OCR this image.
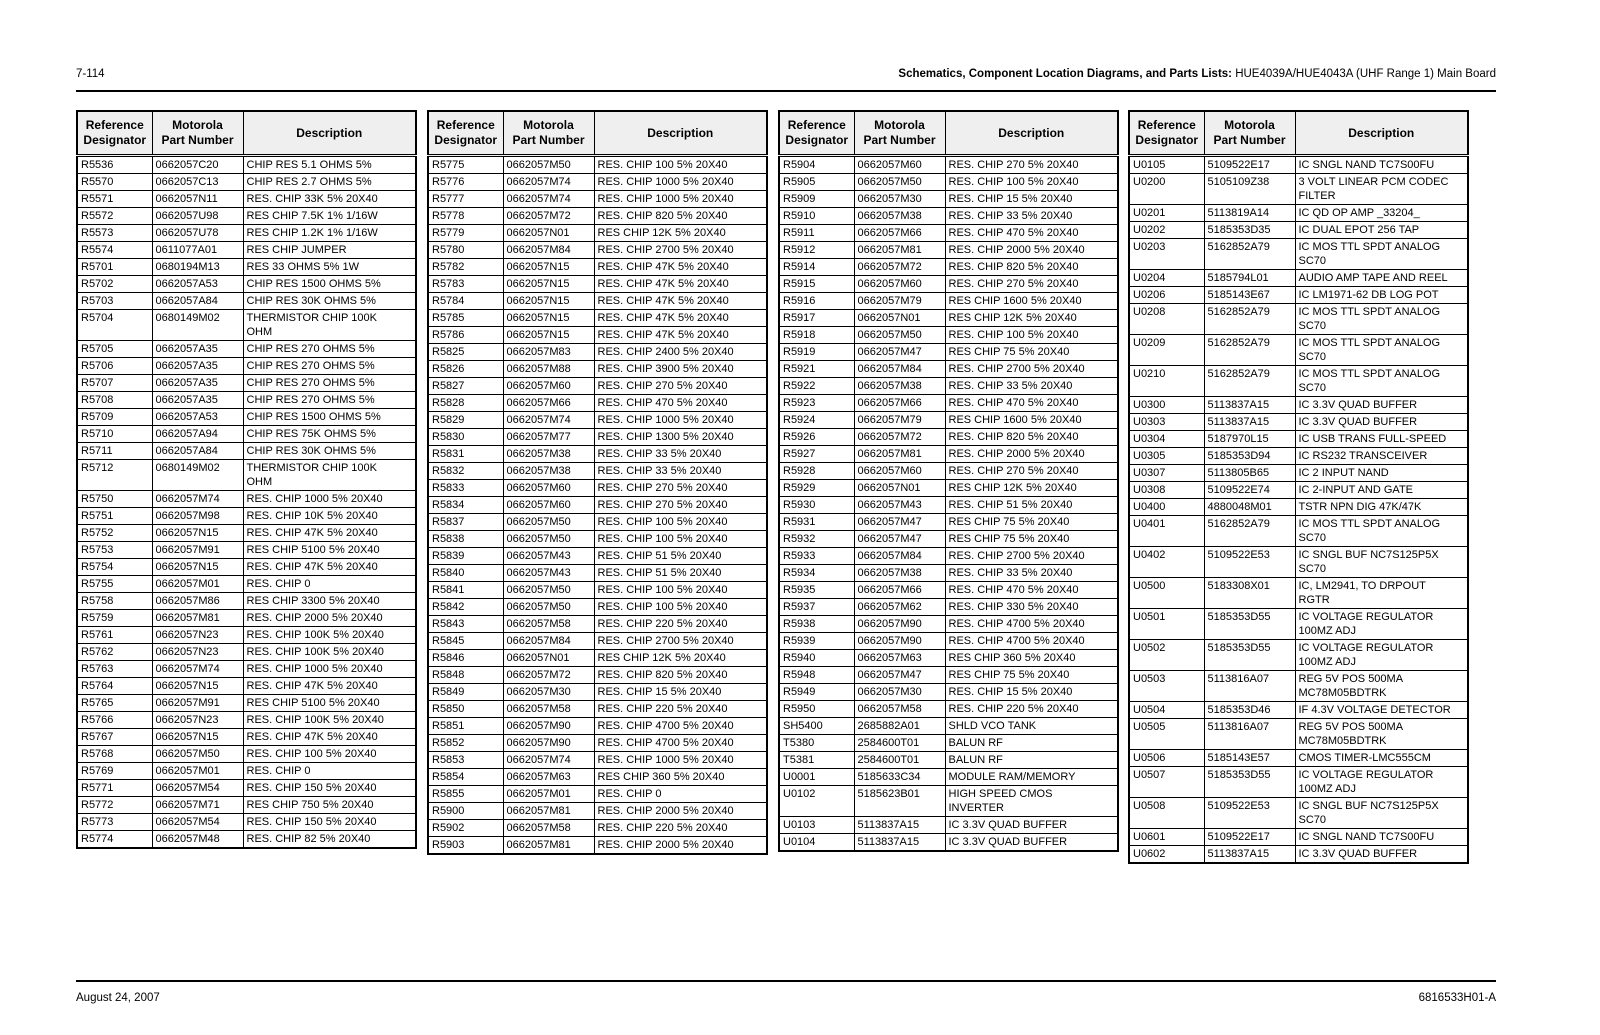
7-114	Schematics, Component Location Diagrams, and Parts Lists: HUE4039A/HUE4043A (UHF Range 1) Main Board
Reference
Designator	Motorola
Part Number	Description
R5536	0662057C20	CHIP RES 5.1 OHMS 5%
R5570	0662057C13	CHIP RES 2.7 OHMS 5%
R5571	0662057N11	RES. CHIP 33K 5% 20X40
R5572	0662057U98	RES CHIP 7.5K 1% 1/16W
R5573	0662057U78	RES CHIP 1.2K 1% 1/16W
R5574	0611077A01	RES CHIP JUMPER
R5701	0680194M13	RES 33 OHMS 5% 1W
R5702	0662057A53	CHIP RES 1500 OHMS 5%
R5703	0662057A84	CHIP RES 30K OHMS 5%
R5704	0680149M02	THERMISTOR CHIP 100K
OHM
R5705	0662057A35	CHIP RES 270 OHMS 5%
R5706	0662057A35	CHIP RES 270 OHMS 5%
R5707	0662057A35	CHIP RES 270 OHMS 5%
R5708	0662057A35	CHIP RES 270 OHMS 5%
R5709	0662057A53	CHIP RES 1500 OHMS 5%
R5710	0662057A94	CHIP RES 75K OHMS 5%
R5711	0662057A84	CHIP RES 30K OHMS 5%
R5712	0680149M02	THERMISTOR CHIP 100K
OHM
R5750	0662057M74	RES. CHIP 1000 5% 20X40
R5751	0662057M98	RES. CHIP 10K 5% 20X40
R5752	0662057N15	RES. CHIP 47K 5% 20X40
R5753	0662057M91	RES CHIP 5100 5% 20X40
R5754	0662057N15	RES. CHIP 47K 5% 20X40
R5755	0662057M01	RES. CHIP 0
R5758	0662057M86	RES CHIP 3300 5% 20X40
R5759	0662057M81	RES. CHIP 2000 5% 20X40
R5761	0662057N23	RES. CHIP 100K 5% 20X40
R5762	0662057N23	RES. CHIP 100K 5% 20X40
R5763	0662057M74	RES. CHIP 1000 5% 20X40
R5764	0662057N15	RES. CHIP 47K 5% 20X40
R5765	0662057M91	RES CHIP 5100 5% 20X40
R5766	0662057N23	RES. CHIP 100K 5% 20X40
R5767	0662057N15	RES. CHIP 47K 5% 20X40
R5768	0662057M50	RES. CHIP 100 5% 20X40
R5769	0662057M01	RES. CHIP 0
R5771	0662057M54	RES. CHIP 150 5% 20X40
R5772	0662057M71	RES CHIP 750 5% 20X40
R5773	0662057M54	RES. CHIP 150 5% 20X40
R5774	0662057M48	RES. CHIP 82 5% 20X40
Reference
Designator	Motorola
Part Number	Description
R5775	0662057M50	RES. CHIP 100 5% 20X40
R5776	0662057M74	RES. CHIP 1000 5% 20X40
R5777	0662057M74	RES. CHIP 1000 5% 20X40
R5778	0662057M72	RES. CHIP 820 5% 20X40
R5779	0662057N01	RES CHIP 12K 5% 20X40
R5780	0662057M84	RES. CHIP 2700 5% 20X40
R5782	0662057N15	RES. CHIP 47K 5% 20X40
R5783	0662057N15	RES. CHIP 47K 5% 20X40
R5784	0662057N15	RES. CHIP 47K 5% 20X40
R5785	0662057N15	RES. CHIP 47K 5% 20X40
R5786	0662057N15	RES. CHIP 47K 5% 20X40
R5825	0662057M83	RES. CHIP 2400 5% 20X40
R5826	0662057M88	RES. CHIP 3900 5% 20X40
R5827	0662057M60	RES. CHIP 270 5% 20X40
R5828	0662057M66	RES. CHIP 470 5% 20X40
R5829	0662057M74	RES. CHIP 1000 5% 20X40
R5830	0662057M77	RES. CHIP 1300 5% 20X40
R5831	0662057M38	RES. CHIP 33 5% 20X40
R5832	0662057M38	RES. CHIP 33 5% 20X40
R5833	0662057M60	RES. CHIP 270 5% 20X40
R5834	0662057M60	RES. CHIP 270 5% 20X40
R5837	0662057M50	RES. CHIP 100 5% 20X40
R5838	0662057M50	RES. CHIP 100 5% 20X40
R5839	0662057M43	RES. CHIP 51 5% 20X40
R5840	0662057M43	RES. CHIP 51 5% 20X40
R5841	0662057M50	RES. CHIP 100 5% 20X40
R5842	0662057M50	RES. CHIP 100 5% 20X40
R5843	0662057M58	RES. CHIP 220 5% 20X40
R5845	0662057M84	RES. CHIP 2700 5% 20X40
R5846	0662057N01	RES CHIP 12K 5% 20X40
R5848	0662057M72	RES. CHIP 820 5% 20X40
R5849	0662057M30	RES. CHIP 15 5% 20X40
R5850	0662057M58	RES. CHIP 220 5% 20X40
R5851	0662057M90	RES. CHIP 4700 5% 20X40
R5852	0662057M90	RES. CHIP 4700 5% 20X40
R5853	0662057M74	RES. CHIP 1000 5% 20X40
R5854	0662057M63	RES CHIP 360 5% 20X40
R5855	0662057M01	RES. CHIP 0
R5900	0662057M81	RES. CHIP 2000 5% 20X40
R5902	0662057M58	RES. CHIP 220 5% 20X40
R5903	0662057M81	RES. CHIP 2000 5% 20X40
Reference
Designator	Motorola
Part Number	Description
R5904	0662057M60	RES. CHIP 270 5% 20X40
R5905	0662057M50	RES. CHIP 100 5% 20X40
R5909	0662057M30	RES. CHIP 15 5% 20X40
R5910	0662057M38	RES. CHIP 33 5% 20X40
R5911	0662057M66	RES. CHIP 470 5% 20X40
R5912	0662057M81	RES. CHIP 2000 5% 20X40
R5914	0662057M72	RES. CHIP 820 5% 20X40
R5915	0662057M60	RES. CHIP 270 5% 20X40
R5916	0662057M79	RES CHIP 1600 5% 20X40
R5917	0662057N01	RES CHIP 12K 5% 20X40
R5918	0662057M50	RES. CHIP 100 5% 20X40
R5919	0662057M47	RES CHIP 75 5% 20X40
R5921	0662057M84	RES. CHIP 2700 5% 20X40
R5922	0662057M38	RES. CHIP 33 5% 20X40
R5923	0662057M66	RES. CHIP 470 5% 20X40
R5924	0662057M79	RES CHIP 1600 5% 20X40
R5926	0662057M72	RES. CHIP 820 5% 20X40
R5927	0662057M81	RES. CHIP 2000 5% 20X40
R5928	0662057M60	RES. CHIP 270 5% 20X40
R5929	0662057N01	RES CHIP 12K 5% 20X40
R5930	0662057M43	RES. CHIP 51 5% 20X40
R5931	0662057M47	RES CHIP 75 5% 20X40
R5932	0662057M47	RES CHIP 75 5% 20X40
R5933	0662057M84	RES. CHIP 2700 5% 20X40
R5934	0662057M38	RES. CHIP 33 5% 20X40
R5935	0662057M66	RES. CHIP 470 5% 20X40
R5937	0662057M62	RES. CHIP 330 5% 20X40
R5938	0662057M90	RES. CHIP 4700 5% 20X40
R5939	0662057M90	RES. CHIP 4700 5% 20X40
R5940	0662057M63	RES CHIP 360 5% 20X40
R5948	0662057M47	RES CHIP 75 5% 20X40
R5949	0662057M30	RES. CHIP 15 5% 20X40
R5950	0662057M58	RES. CHIP 220 5% 20X40
SH5400	2685882A01	SHLD VCO TANK
T5380	2584600T01	BALUN RF
T5381	2584600T01	BALUN RF
U0001	5185633C34	MODULE RAM/MEMORY
U0102	5185623B01	HIGH SPEED CMOS
INVERTER
U0103	5113837A15	IC 3.3V QUAD BUFFER
U0104	5113837A15	IC 3.3V QUAD BUFFER
Reference
Designator	Motorola
Part Number	Description
U0105	5109522E17	IC SNGL NAND TC7S00FU
U0200	5105109Z38	3 VOLT LINEAR PCM CODEC
FILTER
U0201	5113819A14	IC QD OP AMP _33204_
U0202	5185353D35	IC DUAL EPOT 256 TAP
U0203	5162852A79	IC MOS TTL SPDT ANALOG
SC70
U0204	5185794L01	AUDIO AMP TAPE AND REEL
U0206	5185143E67	IC LM1971-62 DB LOG POT
U0208	5162852A79	IC MOS TTL SPDT ANALOG
SC70
U0209	5162852A79	IC MOS TTL SPDT ANALOG
SC70
U0210	5162852A79	IC MOS TTL SPDT ANALOG
SC70
U0300	5113837A15	IC 3.3V QUAD BUFFER
U0303	5113837A15	IC 3.3V QUAD BUFFER
U0304	5187970L15	IC USB TRANS FULL-SPEED
U0305	5185353D94	IC RS232 TRANSCEIVER
U0307	5113805B65	IC 2 INPUT NAND
U0308	5109522E74	IC 2-INPUT AND GATE
U0400	4880048M01	TSTR NPN DIG 47K/47K
U0401	5162852A79	IC MOS TTL SPDT ANALOG
SC70
U0402	5109522E53	IC SNGL BUF NC7S125P5X
SC70
U0500	5183308X01	IC, LM2941, TO DRPOUT
RGTR
U0501	5185353D55	IC VOLTAGE REGULATOR
100MZ ADJ
U0502	5185353D55	IC VOLTAGE REGULATOR
100MZ ADJ
U0503	5113816A07	REG 5V POS 500MA
MC78M05BDTRK
U0504	5185353D46	IF 4.3V VOLTAGE DETECTOR
U0505	5113816A07	REG 5V POS 500MA
MC78M05BDTRK
U0506	5185143E57	CMOS TIMER-LMC555CM
U0507	5185353D55	IC VOLTAGE REGULATOR
100MZ ADJ
U0508	5109522E53	IC SNGL BUF NC7S125P5X
SC70
U0601	5109522E17	IC SNGL NAND TC7S00FU
U0602	5113837A15	IC 3.3V QUAD BUFFER
August 24, 2007	6816533H01-A
